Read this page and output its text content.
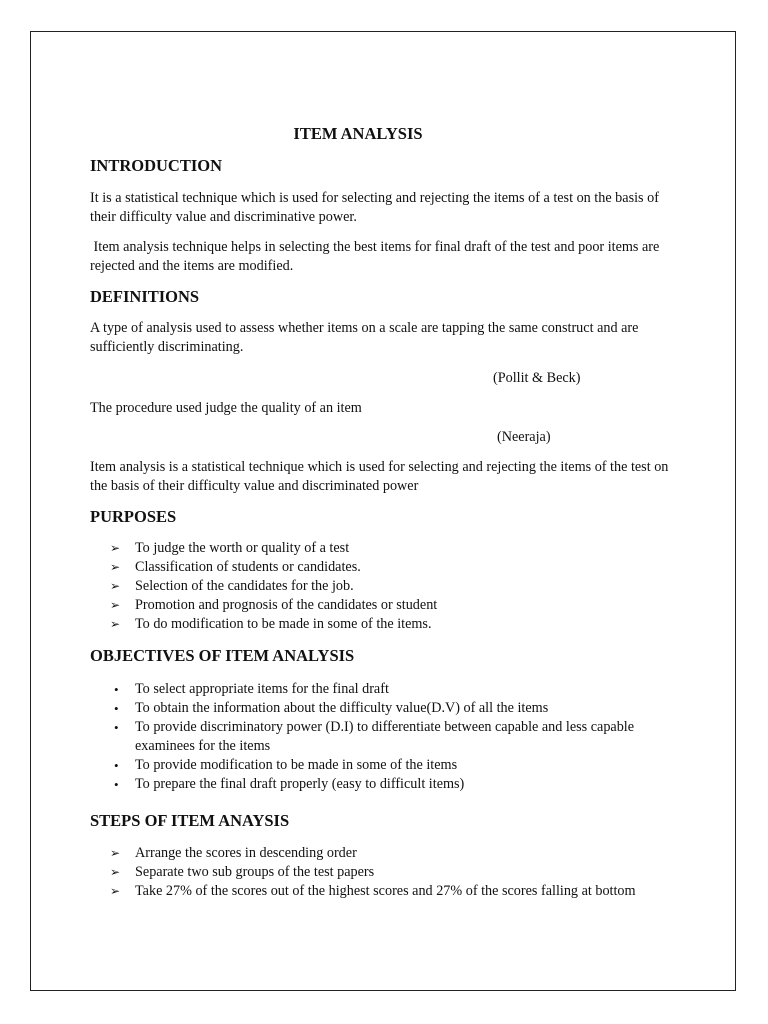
ITEM ANALYSIS
INTRODUCTION

It is a statistical technique which is used for selecting and rejecting the items of a test on the basis of their difficulty value and discriminative power.

Item analysis technique helps in selecting the best items for final draft of the test and poor items are rejected and the items are modified.

DEFINITIONS

A type of analysis used to assess whether items on a scale are tapping the same construct and are sufficiently discriminating.

(Pollit & Beck)

The procedure used judge the quality of an item

(Neeraja)

Item analysis is a statistical technique which is used for selecting and rejecting the items of the test on the basis of their difficulty value and discriminated power

PURPOSES
➢ To judge the worth or quality of a test
➢ Classification of students or candidates.
➢ Selection of the candidates for the job.
➢ Promotion and prognosis of the candidates or student
➢ To do modification to be made in some of the items.
OBJECTIVES OF ITEM ANALYSIS
• To select appropriate items for the final draft
• To obtain the information about the difficulty value(D.V) of all the items
• To provide discriminatory power (D.I) to differentiate between capable and less capable examinees for the items
• To provide modification to be made in some of the items
• To prepare the final draft properly (easy to difficult items)
STEPS OF ITEM ANAYSIS
➢ Arrange the scores in descending order
➢ Separate two sub groups of the test papers
➢ Take 27% of the scores out of the highest scores and 27% of the scores falling at bottom
